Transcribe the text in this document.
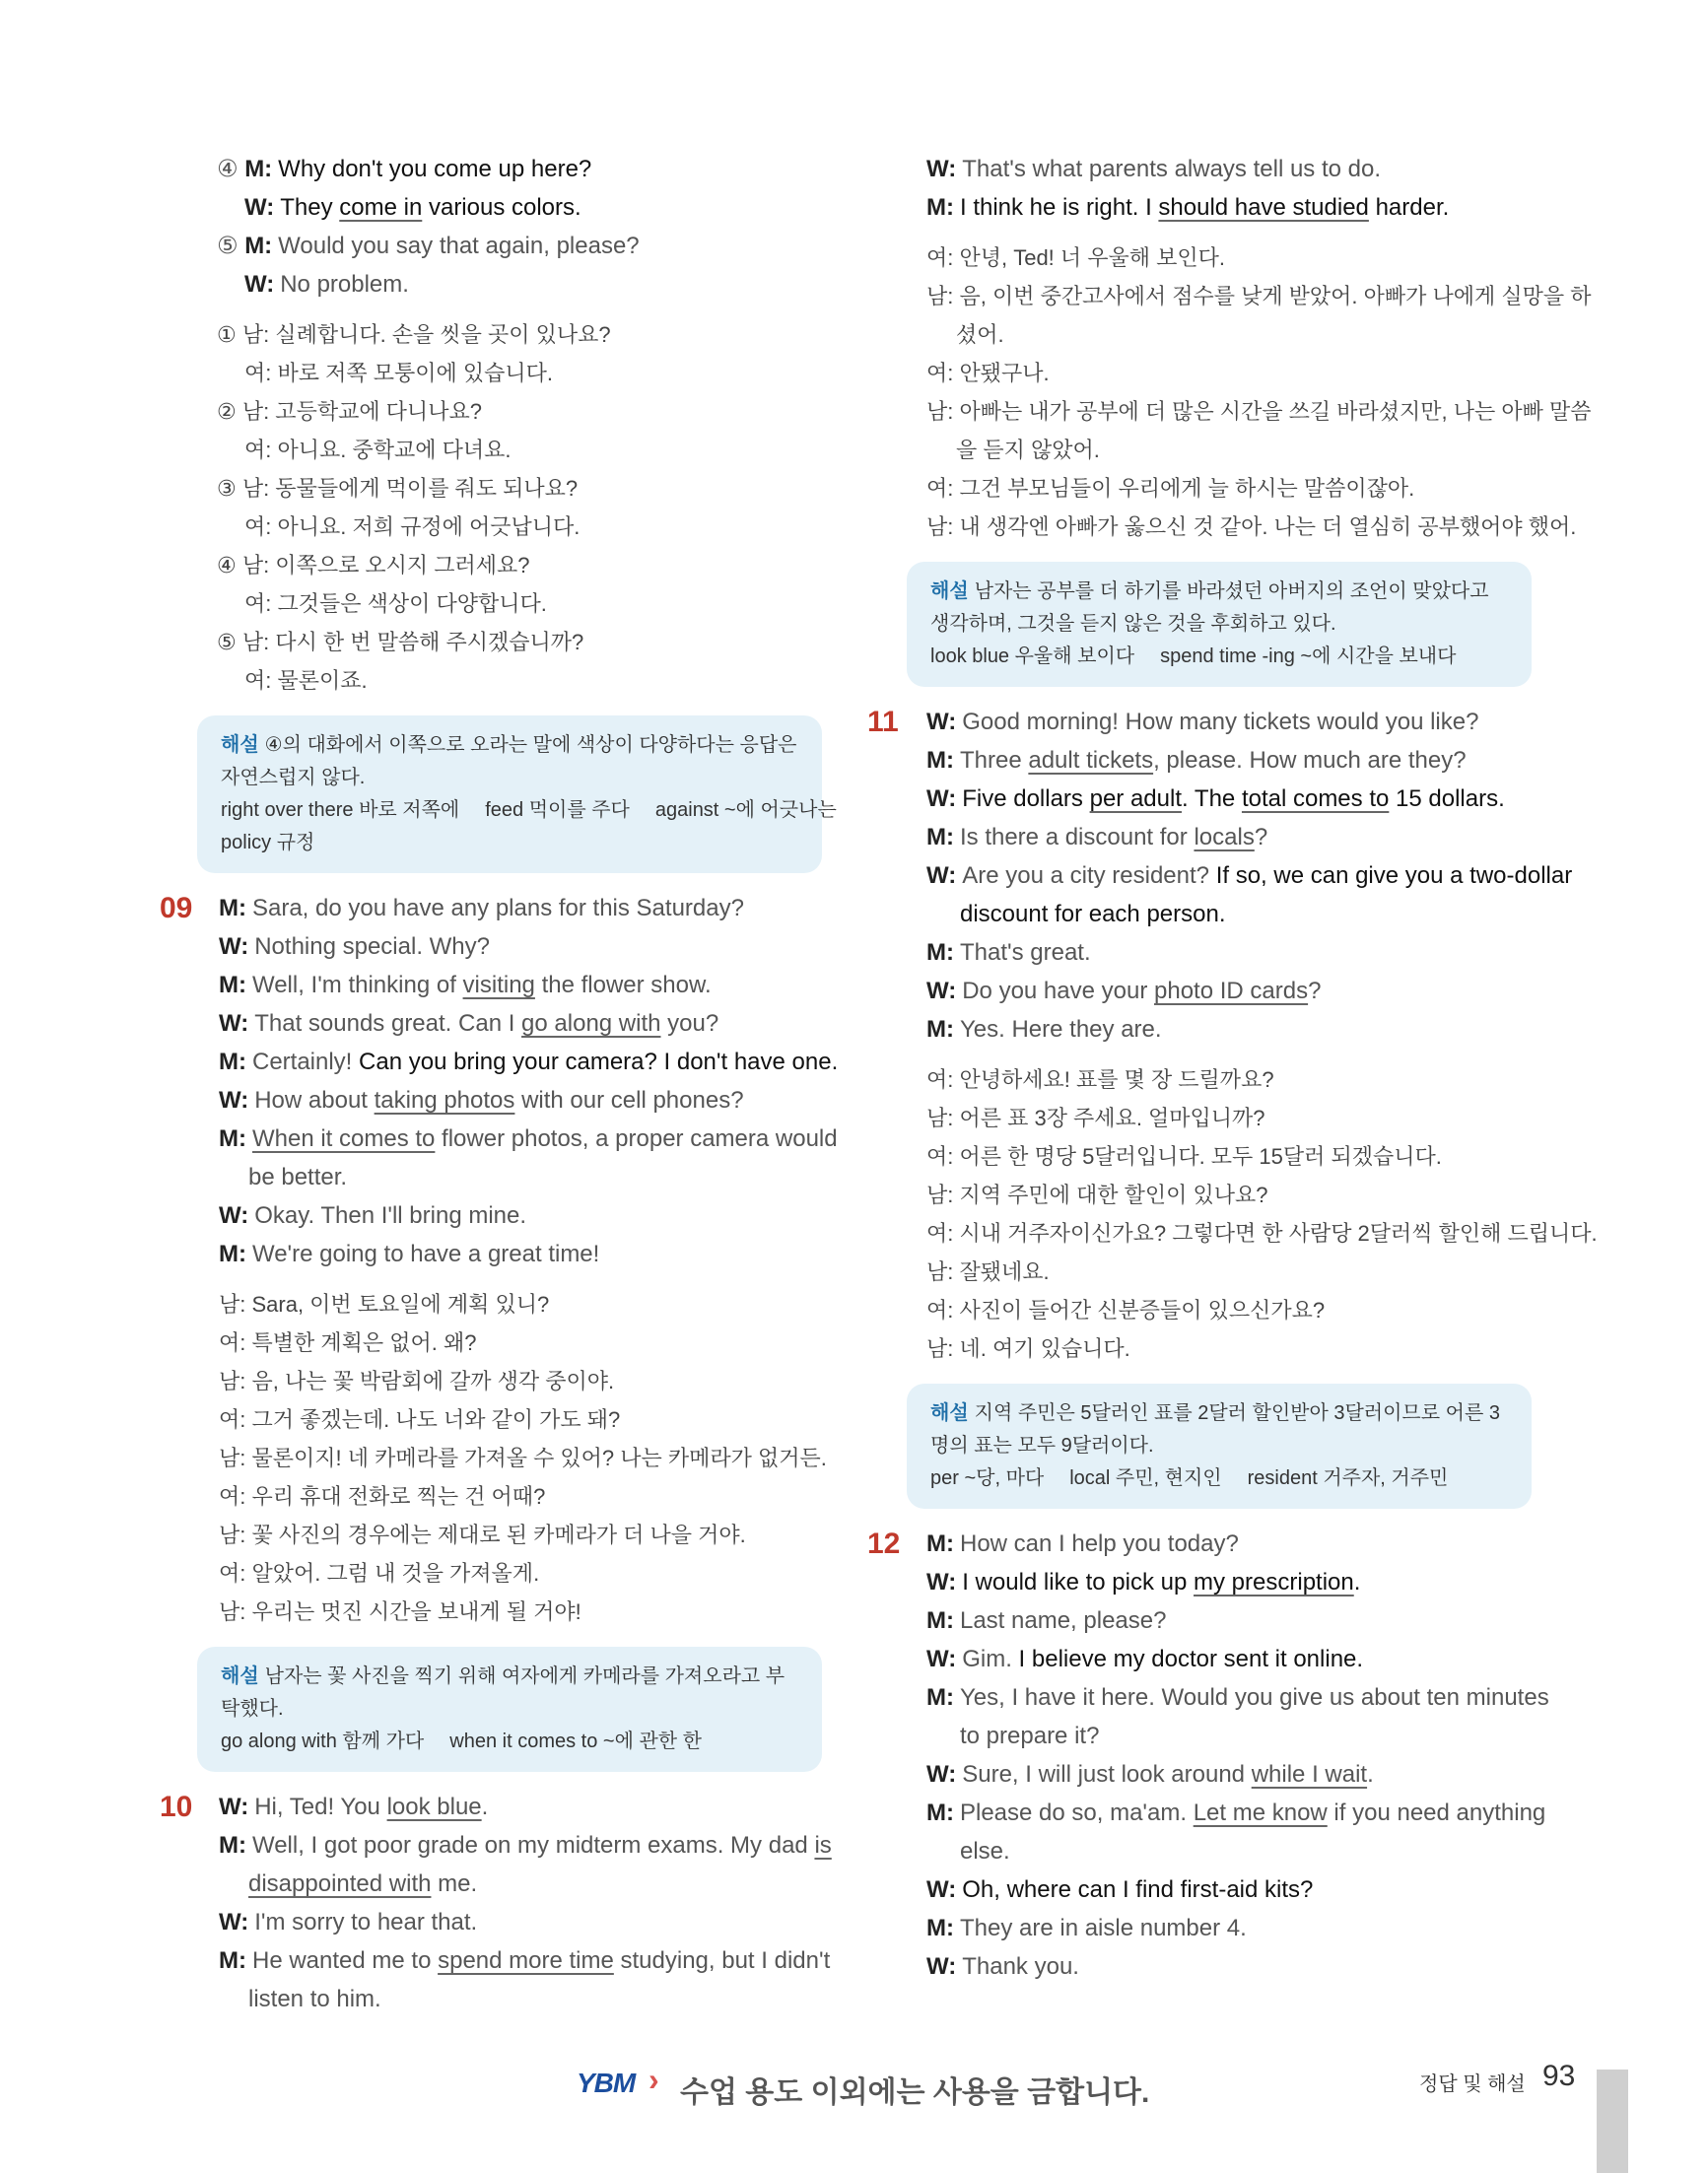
④ M: Why don't you come up here?
W: They come in various colors.
⑤ M: Would you say that again, please?
W: No problem.
① 남: 실례합니다. 손을 씻을 곳이 있나요?
여: 바로 저쪽 모퉁이에 있습니다.
② 남: 고등학교에 다니나요?
여: 아니요. 중학교에 다녀요.
③ 남: 동물들에게 먹이를 줘도 되나요?
여: 아니요. 저희 규정에 어긋납니다.
④ 남: 이쪽으로 오시지 그러세요?
여: 그것들은 색상이 다양합니다.
⑤ 남: 다시 한 번 말씀해 주시겠습니까?
여: 물론이죠.
해설 ④의 대화에서 이쪽으로 오라는 말에 색상이 다양하다는 응답은 자연스럽지 않다.
right over there 바로 저쪽에 feed 먹이를 주다 against ~에 어긋나는
policy 규정
09	M: Sara, do you have any plans for this Saturday?
W: Nothing special. Why?
M: Well, I'm thinking of visiting the flower show.
W: That sounds great. Can I go along with you?
M: Certainly! Can you bring your camera? I don't have one.
W: How about taking photos with our cell phones?
M: When it comes to flower photos, a proper camera would
be better.
W: Okay. Then I'll bring mine.
M: We're going to have a great time!
남: Sara, 이번 토요일에 계획 있니?
여: 특별한 계획은 없어. 왜?
남: 음, 나는 꽃 박람회에 갈까 생각 중이야.
여: 그거 좋겠는데. 나도 너와 같이 가도 돼?
남: 물론이지! 네 카메라를 가져올 수 있어? 나는 카메라가 없거든.
여: 우리 휴대 전화로 찍는 건 어때?
남: 꽃 사진의 경우에는 제대로 된 카메라가 더 나을 거야.
여: 알았어. 그럼 내 것을 가져올게.
남: 우리는 멋진 시간을 보내게 될 거야!
해설 남자는 꽃 사진을 찍기 위해 여자에게 카메라를 가져오라고 부탁했다.
go along with 함께 가다 when it comes to ~에 관한 한
10	W: Hi, Ted! You look blue.
M: Well, I got poor grade on my midterm exams. My dad is
disappointed with me.
W: I'm sorry to hear that.
M: He wanted me to spend more time studying, but I didn't
listen to him.
W: That's what parents always tell us to do.
M: I think he is right. I should have studied harder.
여: 안녕, Ted! 너 우울해 보인다.
남: 음, 이번 중간고사에서 점수를 낮게 받았어. 아빠가 나에게 실망을 하
셨어.
여: 안됐구나.
남: 아빠는 내가 공부에 더 많은 시간을 쓰길 바라셨지만, 나는 아빠 말씀
을 듣지 않았어.
여: 그건 부모님들이 우리에게 늘 하시는 말씀이잖아.
남: 내 생각엔 아빠가 옳으신 것 같아. 나는 더 열심히 공부했어야 했어.
해설 남자는 공부를 더 하기를 바라셨던 아버지의 조언이 맞았다고 생각하며, 그것을 듣지 않은 것을 후회하고 있다.
look blue 우울해 보이다 spend time -ing ~에 시간을 보내다
11	W: Good morning! How many tickets would you like?
M: Three adult tickets, please. How much are they?
W: Five dollars per adult. The total comes to 15 dollars.
M: Is there a discount for locals?
W: Are you a city resident? If so, we can give you a two-dollar
discount for each person.
M: That's great.
W: Do you have your photo ID cards?
M: Yes. Here they are.
여: 안녕하세요! 표를 몇 장 드릴까요?
남: 어른 표 3장 주세요. 얼마입니까?
여: 어른 한 명당 5달러입니다. 모두 15달러 되겠습니다.
남: 지역 주민에 대한 할인이 있나요?
여: 시내 거주자이신가요? 그렇다면 한 사람당 2달러씩 할인해 드립니다.
남: 잘됐네요.
여: 사진이 들어간 신분증들이 있으신가요?
남: 네. 여기 있습니다.
해설 지역 주민은 5달러인 표를 2달러 할인받아 3달러이므로 어른 3명의 표는 모두 9달러이다.
per ~당, 마다 local 주민, 현지인 resident 거주자, 거주민
12	M: How can I help you today?
W: I would like to pick up my prescription.
M: Last name, please?
W: Gim. I believe my doctor sent it online.
M: Yes, I have it here. Would you give us about ten minutes
to prepare it?
W: Sure, I will just look around while I wait.
M: Please do so, ma'am. Let me know if you need anything
else.
W: Oh, where can I find first-aid kits?
M: They are in aisle number 4.
W: Thank you.
YBM › 수업 용도 이외에는 사용을 금합니다.	정답 및 해설 93
